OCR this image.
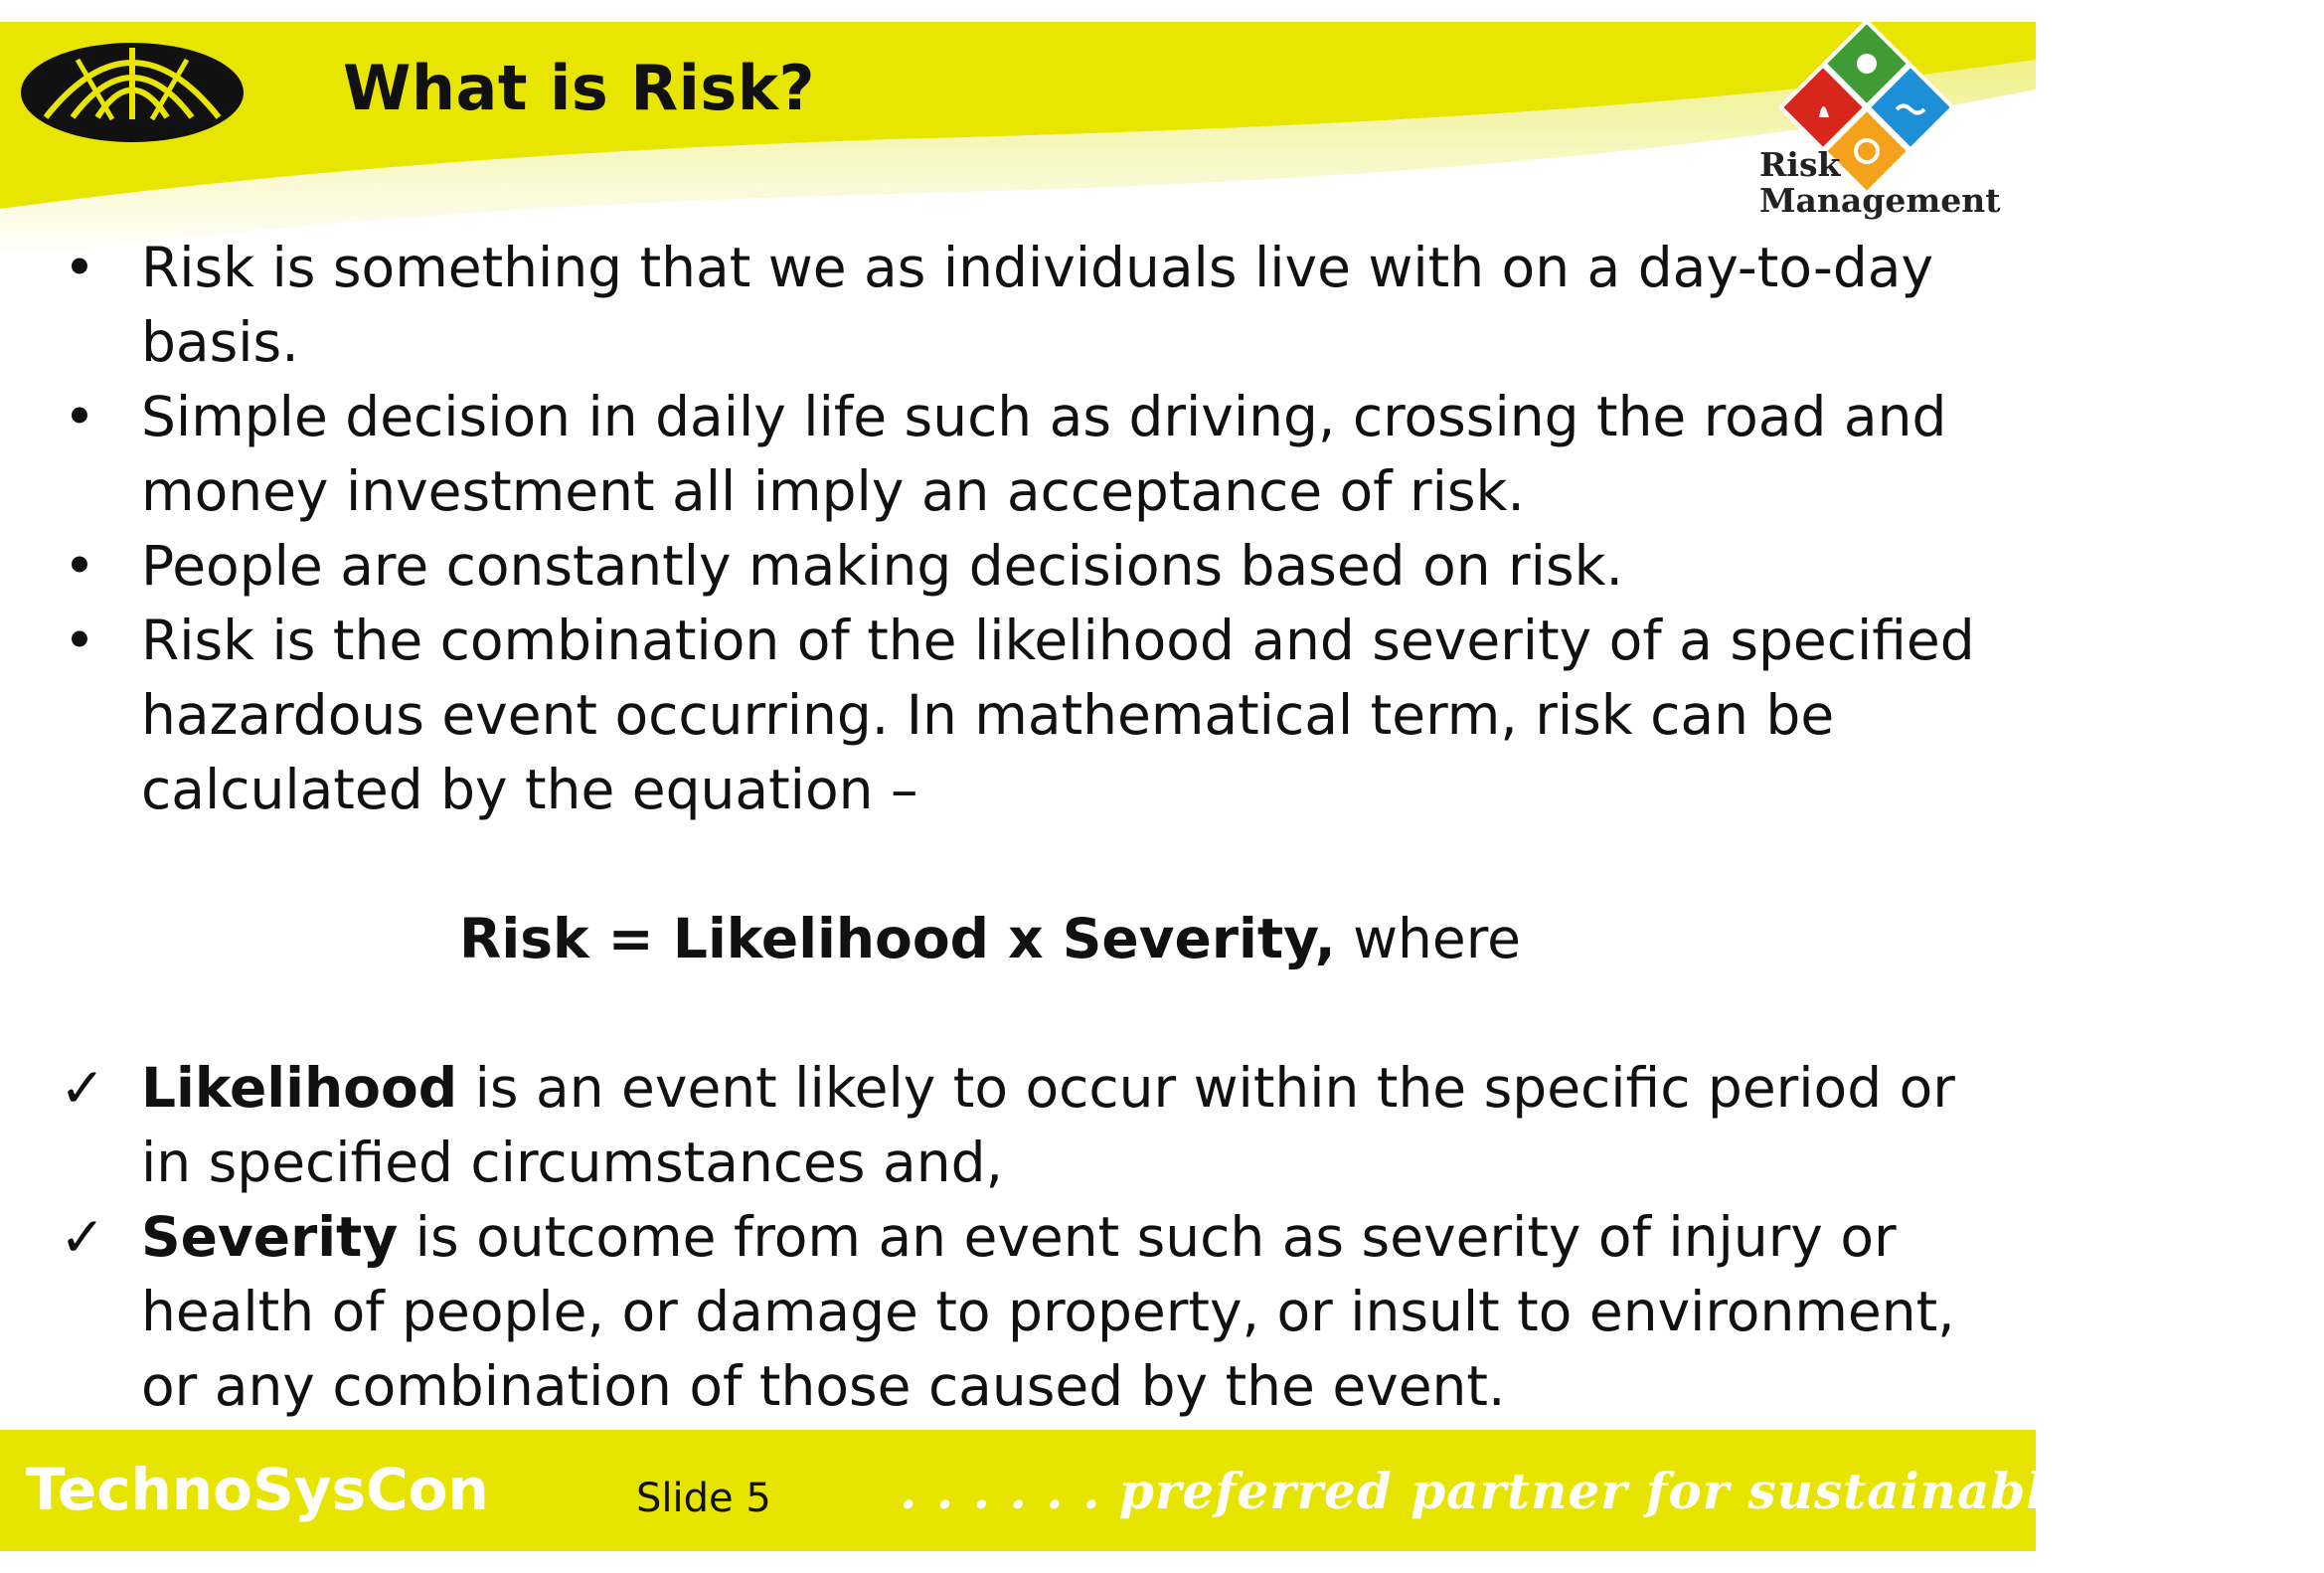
What is Risk?
Risk
Management
• Risk is something that we as individuals live with on a day-to-day basis.
• Simple decision in daily life such as driving, crossing the road and money investment all imply an acceptance of risk.
• People are constantly making decisions based on risk.
• Risk is the combination of the likelihood and severity of a specified hazardous event occurring. In mathematical term, risk can be calculated by the equation –
Risk = Likelihood x Severity, where
✓ Likelihood is an event likely to occur within the specific period or in specified circumstances and,
✓ Severity is outcome from an event such as severity of injury or health of people, or damage to property, or insult to environment, or any combination of those caused by the event.
TechnoSysCon	Slide 5	. . . . . . preferred partner for sustainable systems
